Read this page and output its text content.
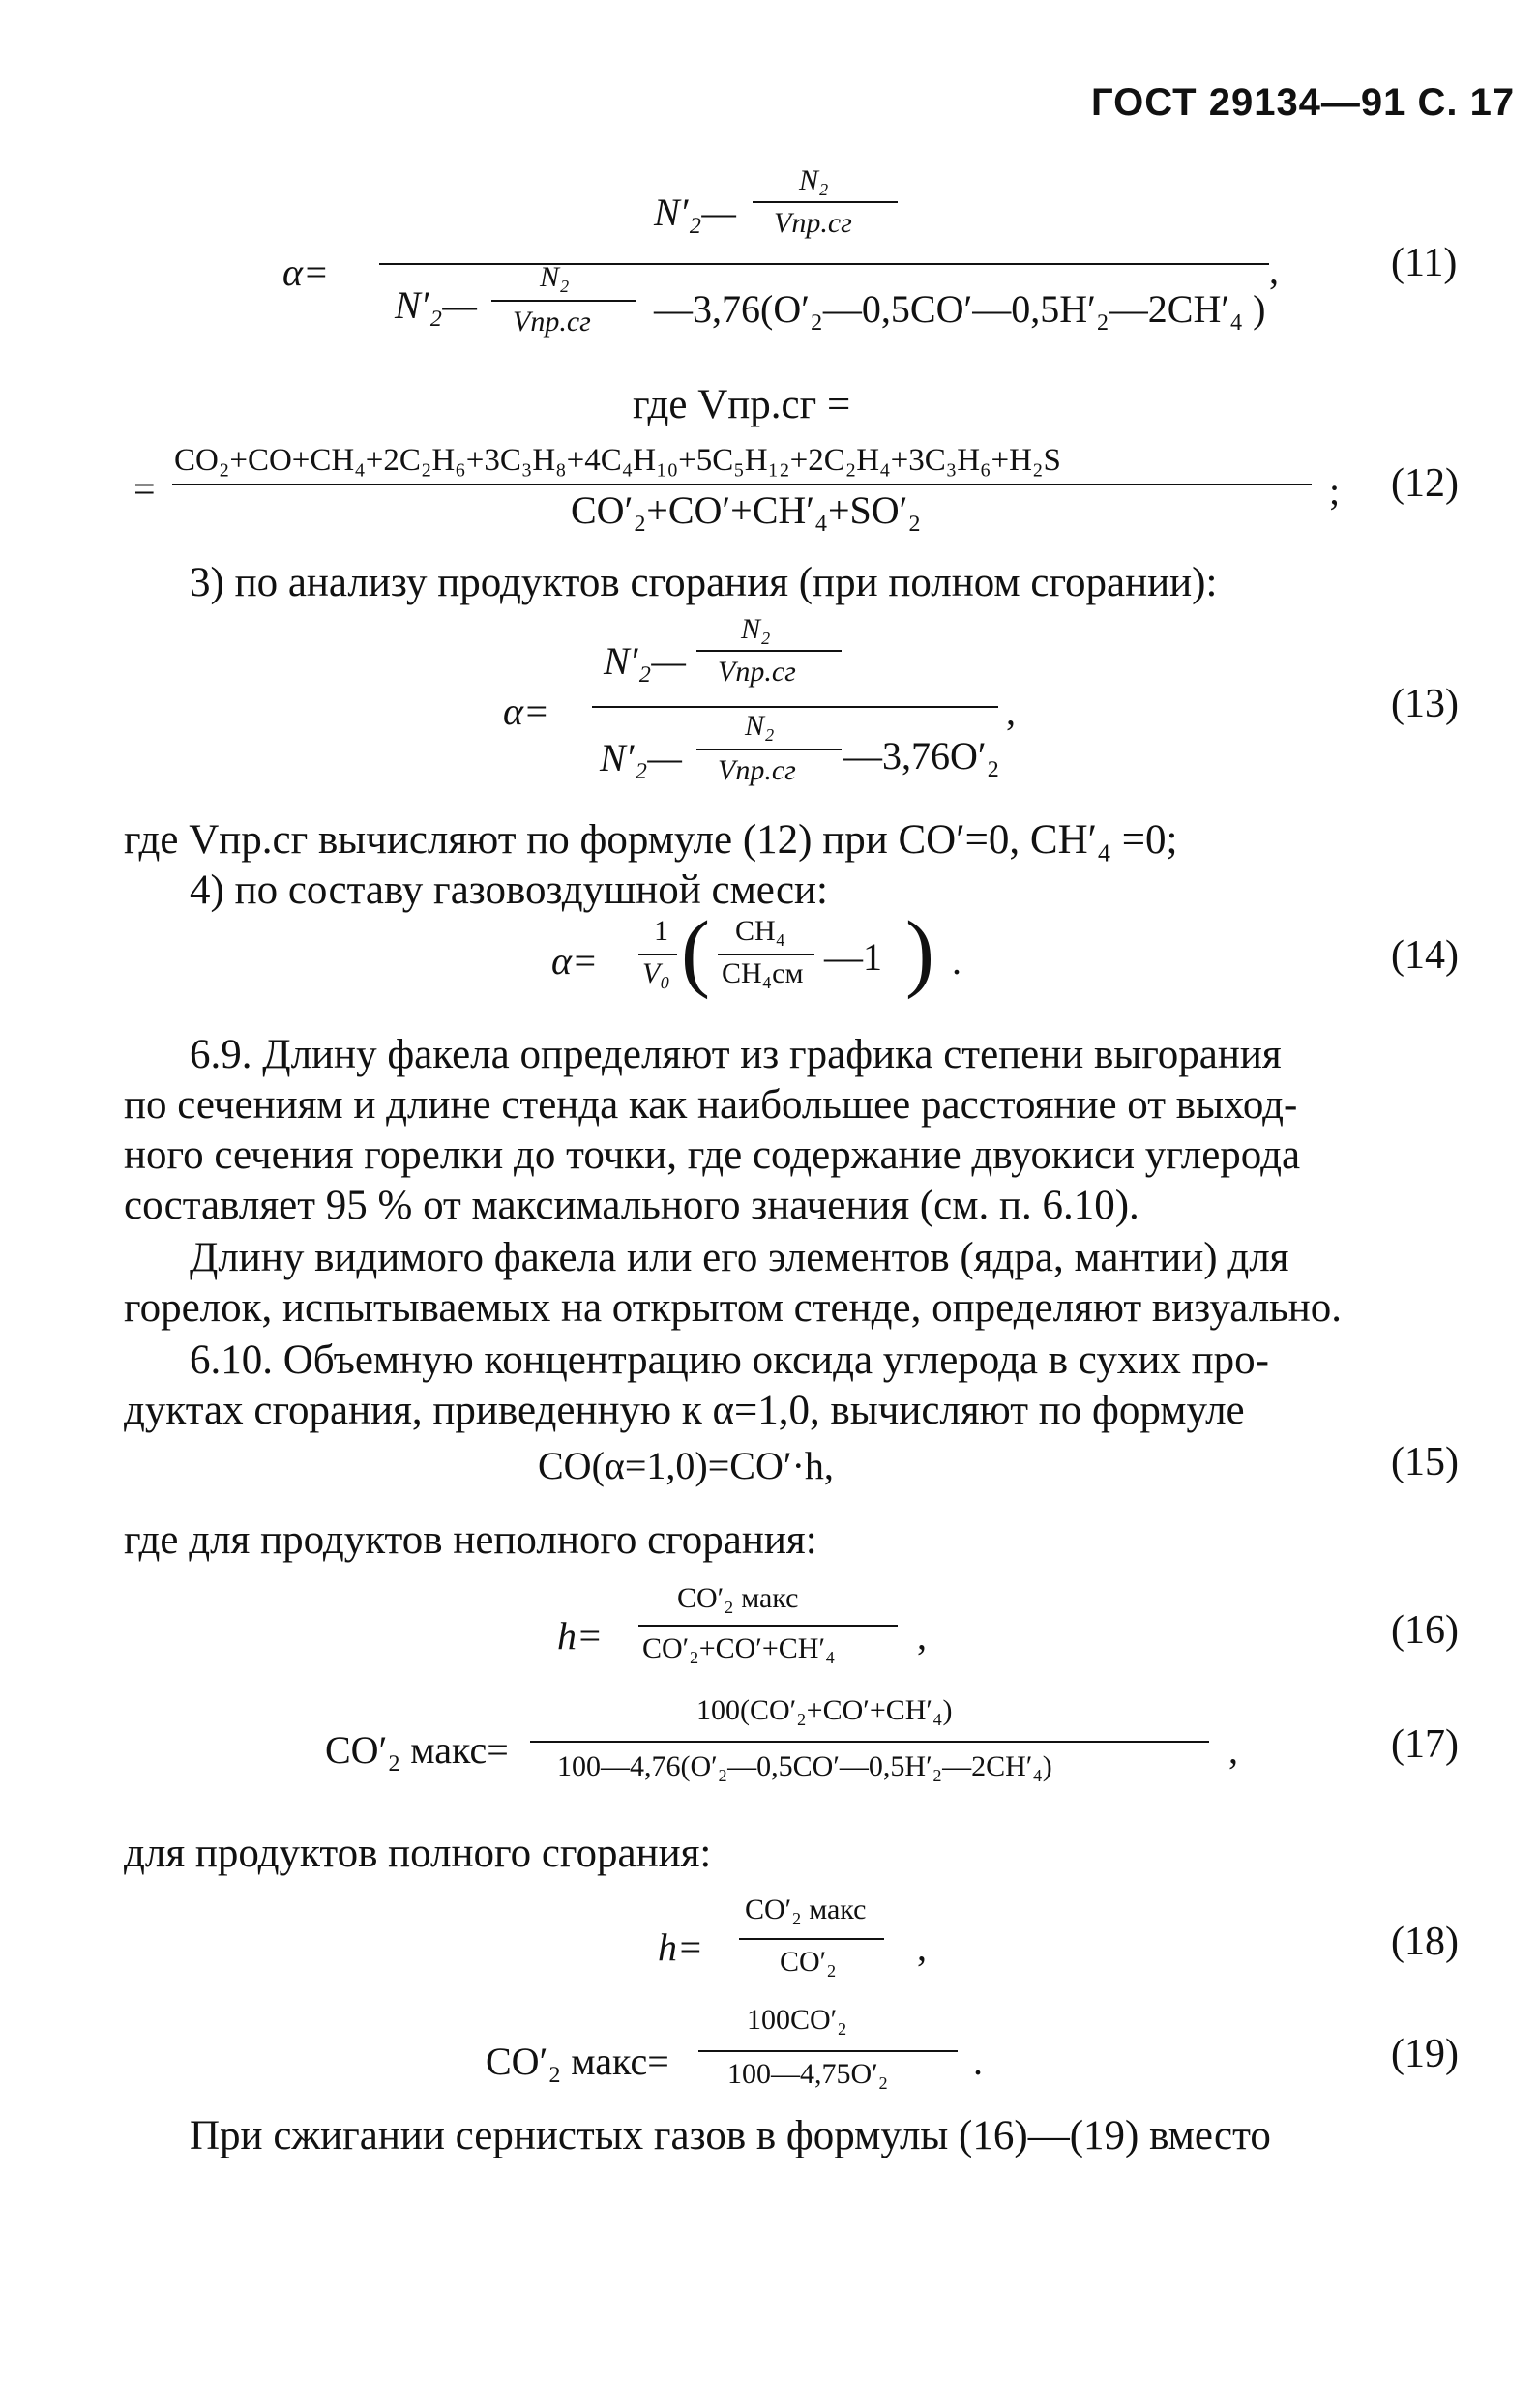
ГОСТ 29134—91 С. 17
α=
N′₂—
N₂
Vпр.сг
N′₂—
N₂
Vпр.сг —3,76(O′₂—0,5CO′—0,5H′₂—2CH′₄ )
,	(11)
где Vпр.сг =
=
CO₂+CO+CH₄+2C₂H₆+3C₃H₈+4C₄H₁₀+5C₅H₁₂+2C₂H₄+3C₃H₆+H₂S
CO′₂+CO′+CH′₄+SO′₂	; (12)
3) по анализу продуктов сгорания (при полном сгорании):
α=
N′₂—
N₂
Vпр.сг
N′₂—
N₂
Vпр.сг —3,76O′₂
,	(13)
где Vпр.сг вычисляют по формуле (12) при CO′=0, CH′₄ =0;
4) по составу газовоздушной смеси:
α=
1
V₀ ( CH₄
CH₄см —1 ) .	(14)
6.9. Длину факела определяют из графика степени выгорания
по сечениям и длине стенда как наибольшее расстояние от выход-
ного сечения горелки до точки, где содержание двуокиси углерода
составляет 95 % от максимального значения (см. п. 6.10).
Длину видимого факела или его элементов (ядра, мантии) для
горелок, испытываемых на открытом стенде, определяют визуально.
6.10. Объемную концентрацию оксида углерода в сухих про-
дуктах сгорания, приведенную к α=1,0, вычисляют по формуле
CO(α=1,0)=CO′·h,	(15)
где для продуктов неполного сгорания:
h=
CO′₂ макс
CO′₂+CO′+CH′₄ ,	(16)
CO′₂ макс=
100(CO′₂+CO′+CH′₄)
100—4,76(O′₂—0,5CO′—0,5H′₂—2CH′₄)	,	(17)
для продуктов полного сгорания:
h=
CO′₂ макс
CO′₂ ,	(18)
CO′₂ макс=
100CO′₂
100—4,75O′₂ .	(19)
При сжигании сернистых газов в формулы (16)—(19) вместо
